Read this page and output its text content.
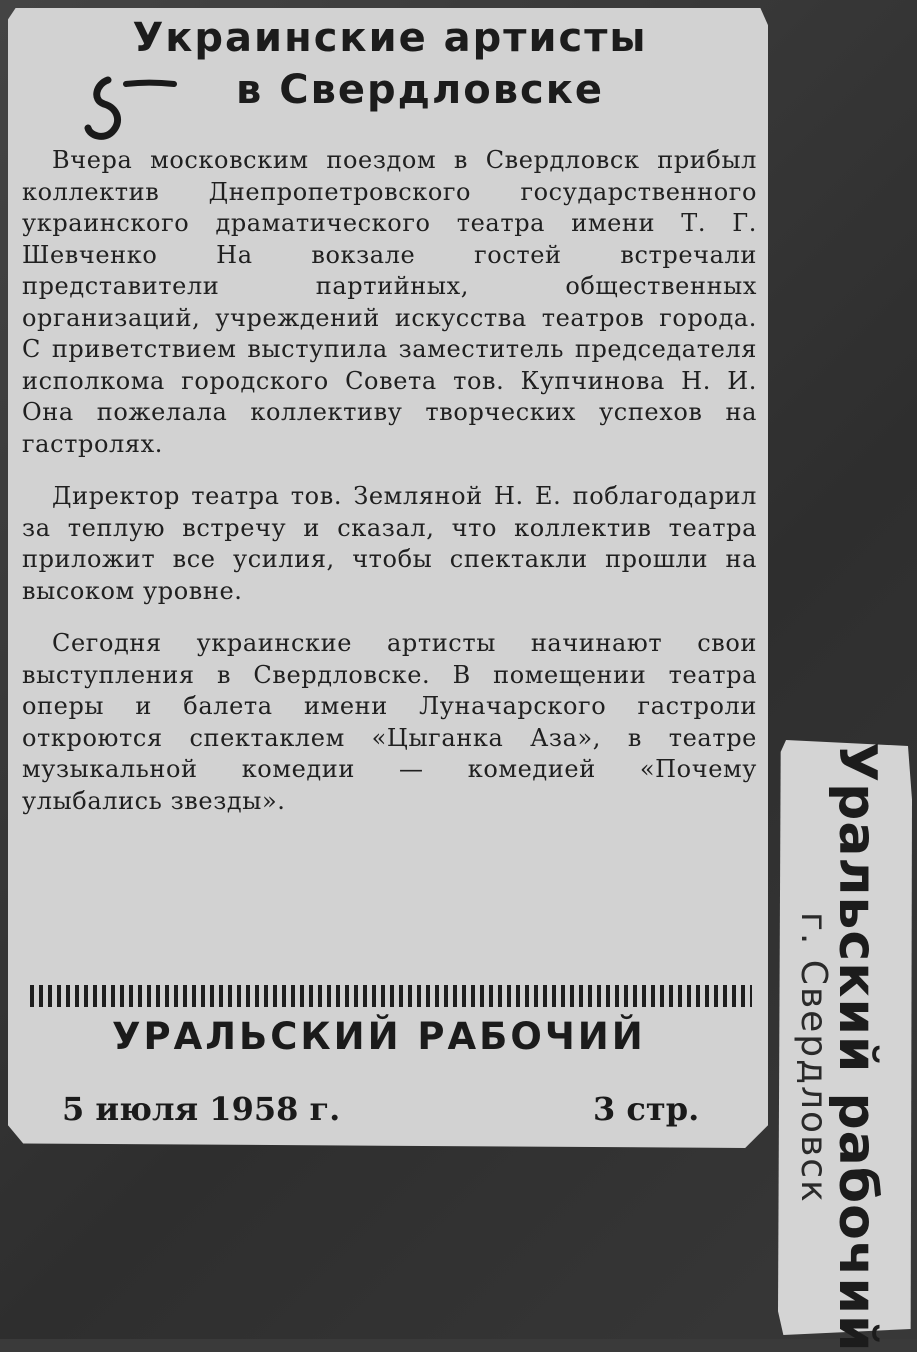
Украинские артисты
в Свердловске

Вчера московским поездом в Свердловск прибыл коллектив Днепропетровского государственного украинского драматического театра имени Т. Г. Шевченко На вокзале гостей встречали представители партийных, общественных организаций, учреждений искусства театров города. С приветствием выступила заместитель председателя исполкома городского Совета тов. Купчинова Н. И. Она пожелала коллективу творческих успехов на гастролях.

Директор театра тов. Земляной Н. Е. поблагодарил за теплую встречу и сказал, что коллектив театра приложит все усилия, чтобы спектакли прошли на высоком уровне.

Сегодня украинские артисты начинают свои выступления в Свердловске. В помещении театра оперы и балета имени Луначарского гастроли откроются спектаклем «Цыганка Аза», в театре музыкальной комедии — комедией «Почему улыбались звезды».

УРАЛЬСКИЙ РАБОЧИЙ
5 июля 1958 г.	3 стр. Уральский рабочий
г. Свердловск
